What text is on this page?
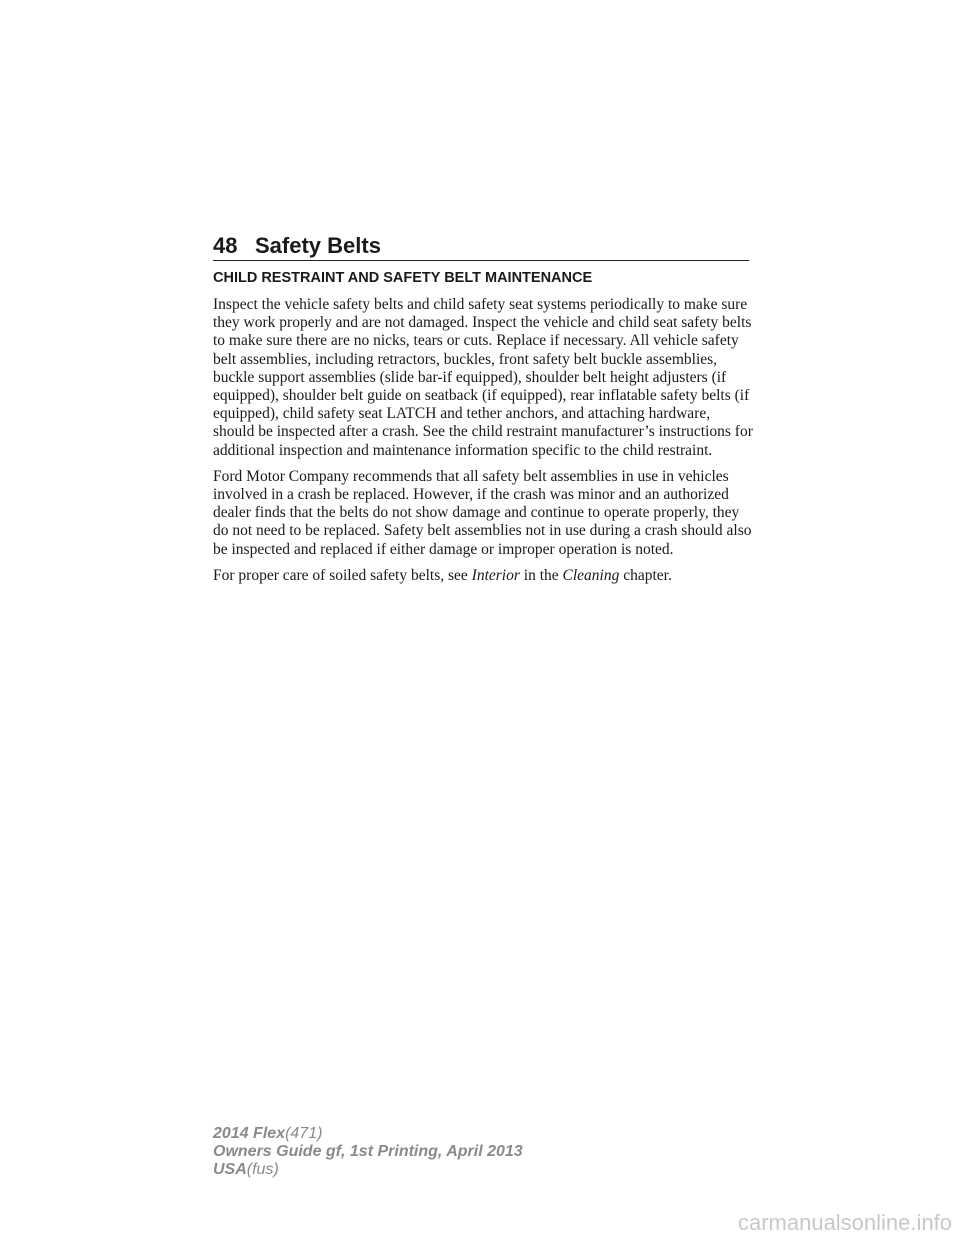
48 Safety Belts
CHILD RESTRAINT AND SAFETY BELT MAINTENANCE

Inspect the vehicle safety belts and child safety seat systems periodically to make sure they work properly and are not damaged. Inspect the vehicle and child seat safety belts to make sure there are no nicks, tears or cuts. Replace if necessary. All vehicle safety belt assemblies, including retractors, buckles, front safety belt buckle assemblies, buckle support assemblies (slide bar-if equipped), shoulder belt height adjusters (if equipped), shoulder belt guide on seatback (if equipped), rear inflatable safety belts (if equipped), child safety seat LATCH and tether anchors, and attaching hardware, should be inspected after a crash. See the child restraint manufacturer’s instructions for additional inspection and maintenance information specific to the child restraint.

Ford Motor Company recommends that all safety belt assemblies in use in vehicles involved in a crash be replaced. However, if the crash was minor and an authorized dealer finds that the belts do not show damage and continue to operate properly, they do not need to be replaced. Safety belt assemblies not in use during a crash should also be inspected and replaced if either damage or improper operation is noted.

For proper care of soiled safety belts, see Interior in the Cleaning chapter.

2014 Flex(471)
Owners Guide gf, 1st Printing, April 2013
USA(fus)
carmanualsonline.info
